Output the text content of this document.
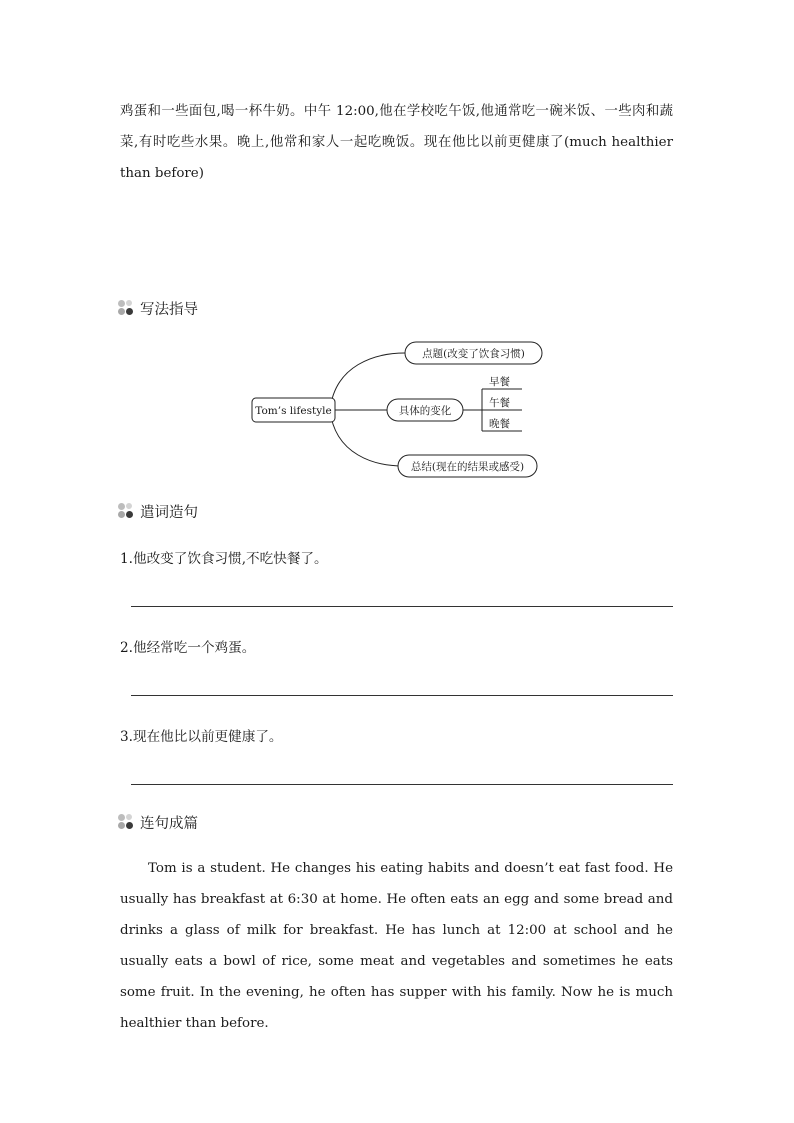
鸡蛋和一些面包,喝一杯牛奶。中午 12:00,他在学校吃午饭,他通常吃一碗米饭、一些肉和蔬菜,有时吃些水果。晚上,他常和家人一起吃晚饭。现在他比以前更健康了(much healthier than before)
写法指导
Tom’s lifestyle
点题(改变了饮食习惯)
具体的变化
早餐
午餐
晚餐
总结(现在的结果或感受)
遣词造句
1.他改变了饮食习惯,不吃快餐了。
2.他经常吃一个鸡蛋。
3.现在他比以前更健康了。
连句成篇
Tom is a student. He changes his eating habits and doesn’t eat fast food. He usually has breakfast at 6:30 at home. He often eats an egg and some bread and drinks a glass of milk for breakfast. He has lunch at 12:00 at school and he usually eats a bowl of rice, some meat and vegetables and sometimes he eats some fruit. In the evening, he often has supper with his family. Now he is much healthier than before.
